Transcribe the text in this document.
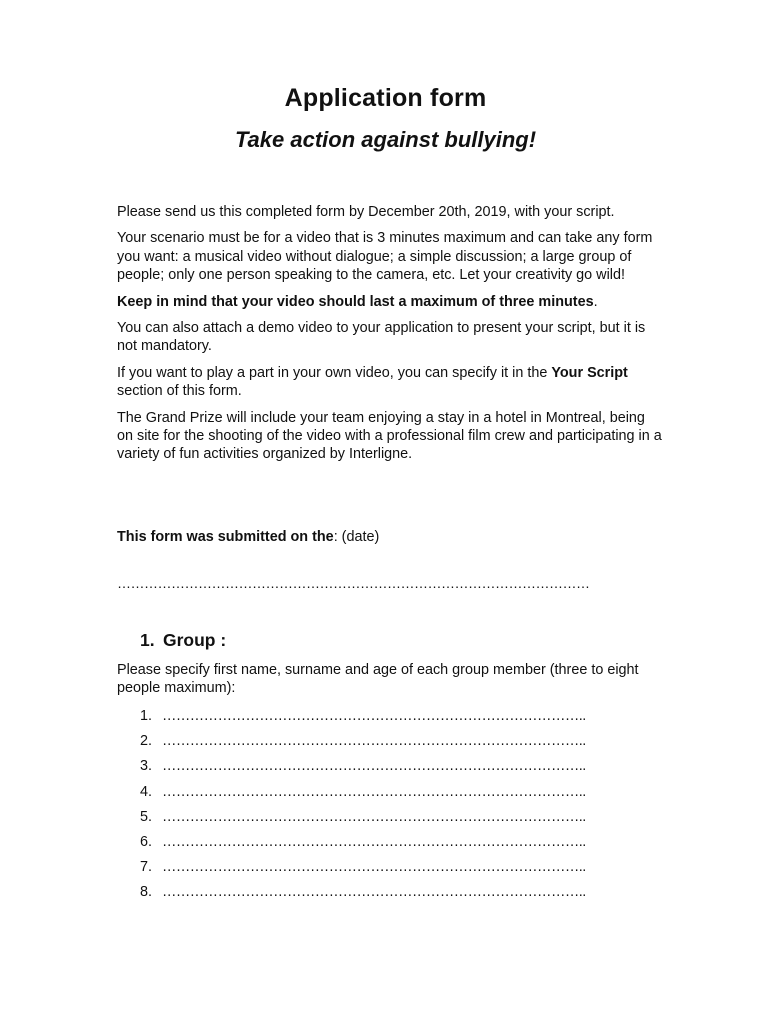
Application form
Take action against bullying!

Please send us this completed form by December 20th, 2019, with your script.

Your scenario must be for a video that is 3 minutes maximum and can take any form you want: a musical video without dialogue; a simple discussion; a large group of people; only one person speaking to the camera, etc. Let your creativity go wild!

Keep in mind that your video should last a maximum of three minutes.

You can also attach a demo video to your application to present your script, but it is not mandatory.

If you want to play a part in your own video, you can specify it in the Your Script section of this form.

The Grand Prize will include your team enjoying a stay in a hotel in Montreal, being on site for the shooting of the video with a professional film crew and participating in a variety of fun activities organized by Interligne.

This form was submitted on the: (date)
……………………………………………………………………………………………
1. Group :
Please specify first name, surname and age of each group member (three to eight people maximum):
1. ………………………………………………………………………………..
2. ………………………………………………………………………………..
3. ………………………………………………………………………………..
4. ………………………………………………………………………………..
5. ………………………………………………………………………………..
6. ………………………………………………………………………………..
7. ………………………………………………………………………………..
8. ………………………………………………………………………………..
